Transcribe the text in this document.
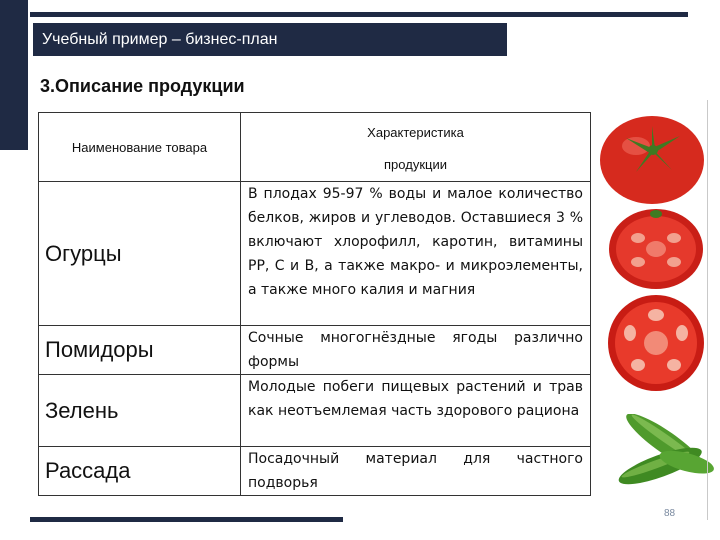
Учебный пример – бизнес-план
3.Описание продукции
Наименование товара	Характеристика
продукции

Огурцы	В плодах 95-97 % воды и малое количество белков, жиров и углеводов. Оставшиеся 3 % включают хлорофилл, каротин, витамины РР, С и В, а также макро- и микроэлементы, а также много калия и магния
Помидоры	Сочные многогнёздные ягоды различно формы
Зелень	Молодые побеги пищевых растений и трав как неотъемлемая часть здорового рациона
Рассада	Посадочный материал для частного подворья
88
